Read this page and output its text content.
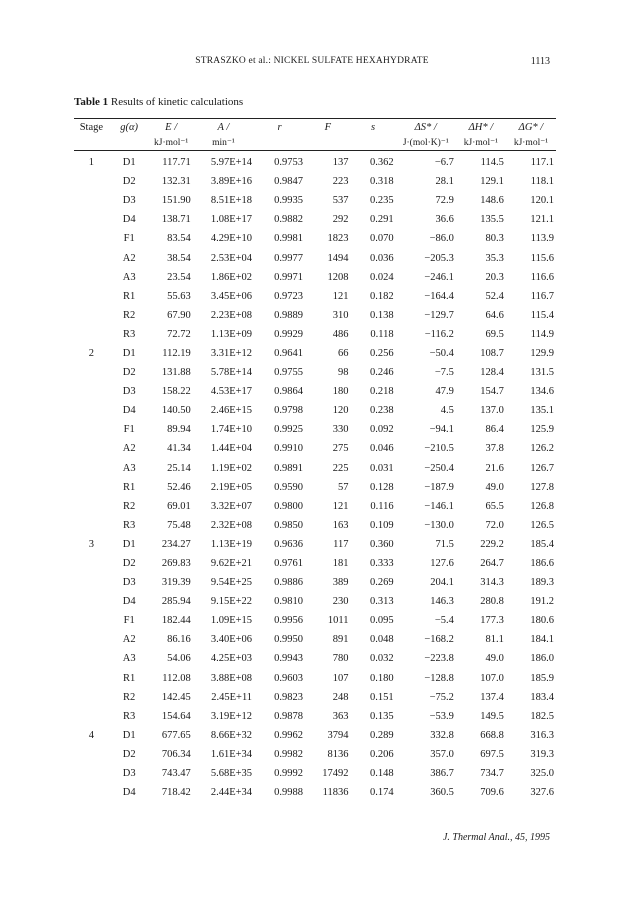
STRASZKO et al.: NICKEL SULFATE HEXAHYDRATE	1113
Table 1 Results of kinetic calculations
Stage	g(α)	E /	A /	r	F	s	ΔS* /	ΔH* /	ΔG* /
		kJ·mol⁻¹	min⁻¹				J·(mol·K)⁻¹	kJ·mol⁻¹	kJ·mol⁻¹
1	D1	117.71	5.97E+14	0.9753	137	0.362	−6.7	114.5	117.1
	D2	132.31	3.89E+16	0.9847	223	0.318	28.1	129.1	118.1
	D3	151.90	8.51E+18	0.9935	537	0.235	72.9	148.6	120.1
	D4	138.71	1.08E+17	0.9882	292	0.291	36.6	135.5	121.1
	F1	83.54	4.29E+10	0.9981	1823	0.070	−86.0	80.3	113.9
	A2	38.54	2.53E+04	0.9977	1494	0.036	−205.3	35.3	115.6
	A3	23.54	1.86E+02	0.9971	1208	0.024	−246.1	20.3	116.6
	R1	55.63	3.45E+06	0.9723	121	0.182	−164.4	52.4	116.7
	R2	67.90	2.23E+08	0.9889	310	0.138	−129.7	64.6	115.4
	R3	72.72	1.13E+09	0.9929	486	0.118	−116.2	69.5	114.9
2	D1	112.19	3.31E+12	0.9641	66	0.256	−50.4	108.7	129.9
	D2	131.88	5.78E+14	0.9755	98	0.246	−7.5	128.4	131.5
	D3	158.22	4.53E+17	0.9864	180	0.218	47.9	154.7	134.6
	D4	140.50	2.46E+15	0.9798	120	0.238	4.5	137.0	135.1
	F1	89.94	1.74E+10	0.9925	330	0.092	−94.1	86.4	125.9
	A2	41.34	1.44E+04	0.9910	275	0.046	−210.5	37.8	126.2
	A3	25.14	1.19E+02	0.9891	225	0.031	−250.4	21.6	126.7
	R1	52.46	2.19E+05	0.9590	57	0.128	−187.9	49.0	127.8
	R2	69.01	3.32E+07	0.9800	121	0.116	−146.1	65.5	126.8
	R3	75.48	2.32E+08	0.9850	163	0.109	−130.0	72.0	126.5
3	D1	234.27	1.13E+19	0.9636	117	0.360	71.5	229.2	185.4
	D2	269.83	9.62E+21	0.9761	181	0.333	127.6	264.7	186.6
	D3	319.39	9.54E+25	0.9886	389	0.269	204.1	314.3	189.3
	D4	285.94	9.15E+22	0.9810	230	0.313	146.3	280.8	191.2
	F1	182.44	1.09E+15	0.9956	1011	0.095	−5.4	177.3	180.6
	A2	86.16	3.40E+06	0.9950	891	0.048	−168.2	81.1	184.1
	A3	54.06	4.25E+03	0.9943	780	0.032	−223.8	49.0	186.0
	R1	112.08	3.88E+08	0.9603	107	0.180	−128.8	107.0	185.9
	R2	142.45	2.45E+11	0.9823	248	0.151	−75.2	137.4	183.4
	R3	154.64	3.19E+12	0.9878	363	0.135	−53.9	149.5	182.5
4	D1	677.65	8.66E+32	0.9962	3794	0.289	332.8	668.8	316.3
	D2	706.34	1.61E+34	0.9982	8136	0.206	357.0	697.5	319.3
	D3	743.47	5.68E+35	0.9992	17492	0.148	386.7	734.7	325.0
	D4	718.42	2.44E+34	0.9988	11836	0.174	360.5	709.6	327.6
J. Thermal Anal., 45, 1995
